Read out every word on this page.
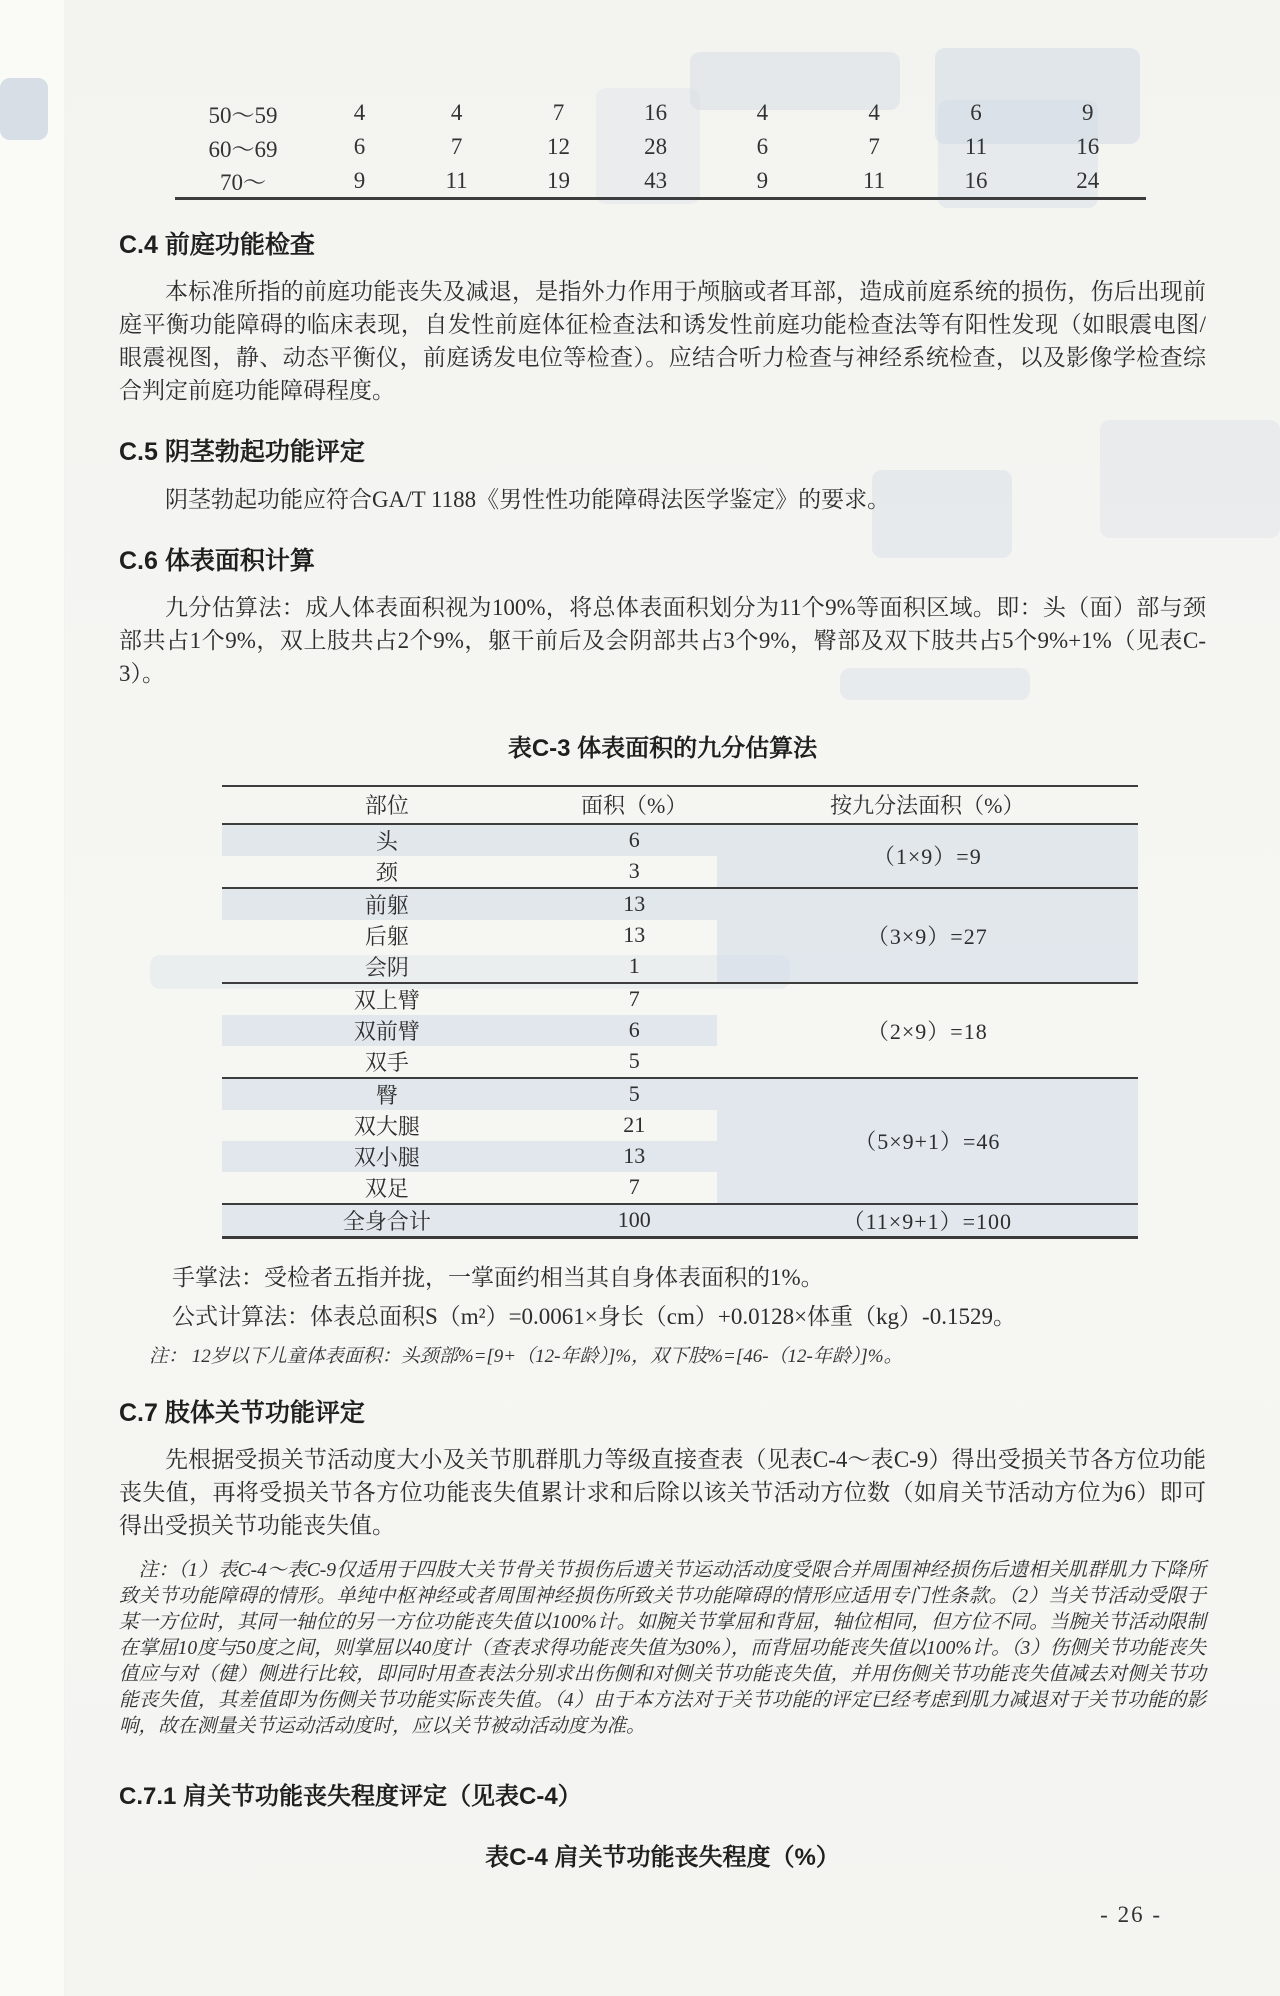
50～59	4	4	7	16	4	4	6	9
60～69	6	7	12	28	6	7	11	16
70～	9	11	19	43	9	11	16	24
C.4 前庭功能检查

本标准所指的前庭功能丧失及减退，是指外力作用于颅脑或者耳部，造成前庭系统的损伤，伤后出现前庭平衡功能障碍的临床表现，自发性前庭体征检查法和诱发性前庭功能检查法等有阳性发现（如眼震电图/眼震视图，静、动态平衡仪，前庭诱发电位等检查）。应结合听力检查与神经系统检查，以及影像学检查综合判定前庭功能障碍程度。

C.5 阴茎勃起功能评定

阴茎勃起功能应符合GA/T 1188《男性性功能障碍法医学鉴定》的要求。

C.6 体表面积计算

九分估算法：成人体表面积视为100%，将总体表面积划分为11个9%等面积区域。即：头（面）部与颈部共占1个9%，双上肢共占2个9%，躯干前后及会阴部共占3个9%，臀部及双下肢共占5个9%+1%（见表C-3）。

表C-3 体表面积的九分估算法
部位	面积（%）	按九分法面积（%）
头	6	（1×9）=9
颈	3	
前躯	13	（3×9）=27
后躯	13	
会阴	1	
双上臂	7	（2×9）=18
双前臂	6	
双手	5	
臀	5	（5×9+1）=46
双大腿	21	
双小腿	13	
双足	7	
全身合计	100	（11×9+1）=100

手掌法：受检者五指并拢，一掌面约相当其自身体表面积的1%。

公式计算法：体表总面积S（m²）=0.0061×身长（cm）+0.0128×体重（kg）-0.1529。

注： 12岁以下儿童体表面积：头颈部%=[9+（12-年龄）]%，双下肢%=[46-（12-年龄）]%。

C.7 肢体关节功能评定

先根据受损关节活动度大小及关节肌群肌力等级直接查表（见表C-4～表C-9）得出受损关节各方位功能丧失值，再将受损关节各方位功能丧失值累计求和后除以该关节活动方位数（如肩关节活动方位为6）即可得出受损关节功能丧失值。

注：（1）表C-4～表C-9仅适用于四肢大关节骨关节损伤后遗关节运动活动度受限合并周围神经损伤后遗相关肌群肌力下降所致关节功能障碍的情形。单纯中枢神经或者周围神经损伤所致关节功能障碍的情形应适用专门性条款。（2）当关节活动受限于某一方位时，其同一轴位的另一方位功能丧失值以100%计。如腕关节掌屈和背屈，轴位相同，但方位不同。当腕关节活动限制在掌屈10度与50度之间，则掌屈以40度计（查表求得功能丧失值为30%），而背屈功能丧失值以100%计。（3）伤侧关节功能丧失值应与对（健）侧进行比较，即同时用查表法分别求出伤侧和对侧关节功能丧失值，并用伤侧关节功能丧失值减去对侧关节功能丧失值，其差值即为伤侧关节功能实际丧失值。（4）由于本方法对于关节功能的评定已经考虑到肌力减退对于关节功能的影响，故在测量关节运动活动度时，应以关节被动活动度为准。

C.7.1 肩关节功能丧失程度评定（见表C-4）
表C-4 肩关节功能丧失程度（%）
- 26 -
